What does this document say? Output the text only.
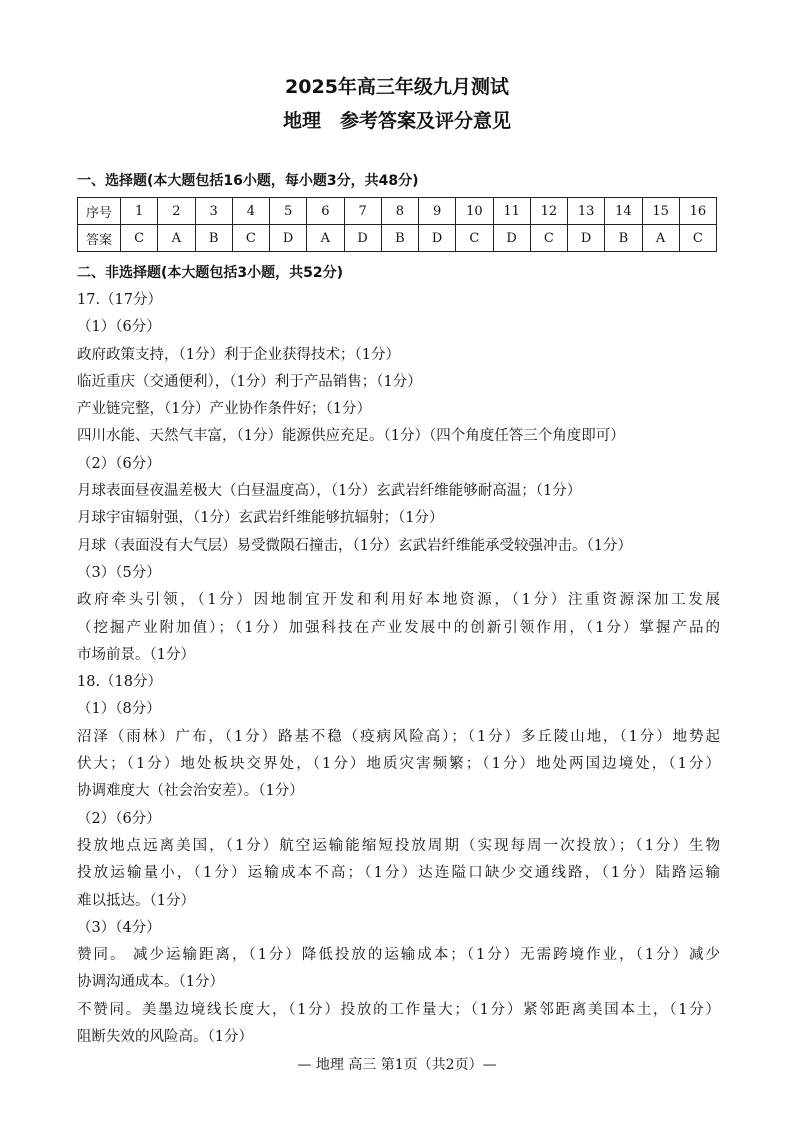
2025年高三年级九月测试
地理　参考答案及评分意见
一、选择题(本大题包括16小题，每小题3分，共48分)
序号	1	2	3	4	5	6	7	8	9	10	11	12	13	14	15	16
答案	C	A	B	C	D	A	D	B	D	C	D	C	D	B	A	C
二、非选择题(本大题包括3小题，共52分)
17.（17分）
（1）（6分）
政府政策支持，（1分）利于企业获得技术；（1分）
临近重庆（交通便利），（1分）利于产品销售；（1分）
产业链完整，（1分）产业协作条件好；（1分）
四川水能、天然气丰富，（1分）能源供应充足。（1分）（四个角度任答三个角度即可）
（2）（6分）
月球表面昼夜温差极大（白昼温度高），（1分）玄武岩纤维能够耐高温；（1分）
月球宇宙辐射强，（1分）玄武岩纤维能够抗辐射；（1分）
月球（表面没有大气层）易受微陨石撞击，（1分）玄武岩纤维能承受较强冲击。（1分）
（3）（5分）
政府牵头引领，（1分）因地制宜开发和利用好本地资源，（1分）注重资源深加工发展
（挖掘产业附加值）；（1分）加强科技在产业发展中的创新引领作用，（1分）掌握产品的
市场前景。（1分）
18.（18分）
（1）（8分）
沼泽（雨林）广布，（1分）路基不稳（疫病风险高）；（1分）多丘陵山地，（1分）地势起
伏大；（1分）地处板块交界处，（1分）地质灾害频繁；（1分）地处两国边境处，（1分）
协调难度大（社会治安差）。（1分）
（2）（6分）
投放地点远离美国，（1分）航空运输能缩短投放周期（实现每周一次投放）；（1分）生物
投放运输量小，（1分）运输成本不高；（1分）达连隘口缺少交通线路，（1分）陆路运输
难以抵达。（1分）
（3）（4分）
赞同。 减少运输距离，（1分）降低投放的运输成本；（1分）无需跨境作业，（1分）减少
协调沟通成本。（1分）
不赞同。美墨边境线长度大，（1分）投放的工作量大；（1分）紧邻距离美国本土，（1分）
阻断失效的风险高。（1分）
— 地理 高三 第1页（共2页）—
